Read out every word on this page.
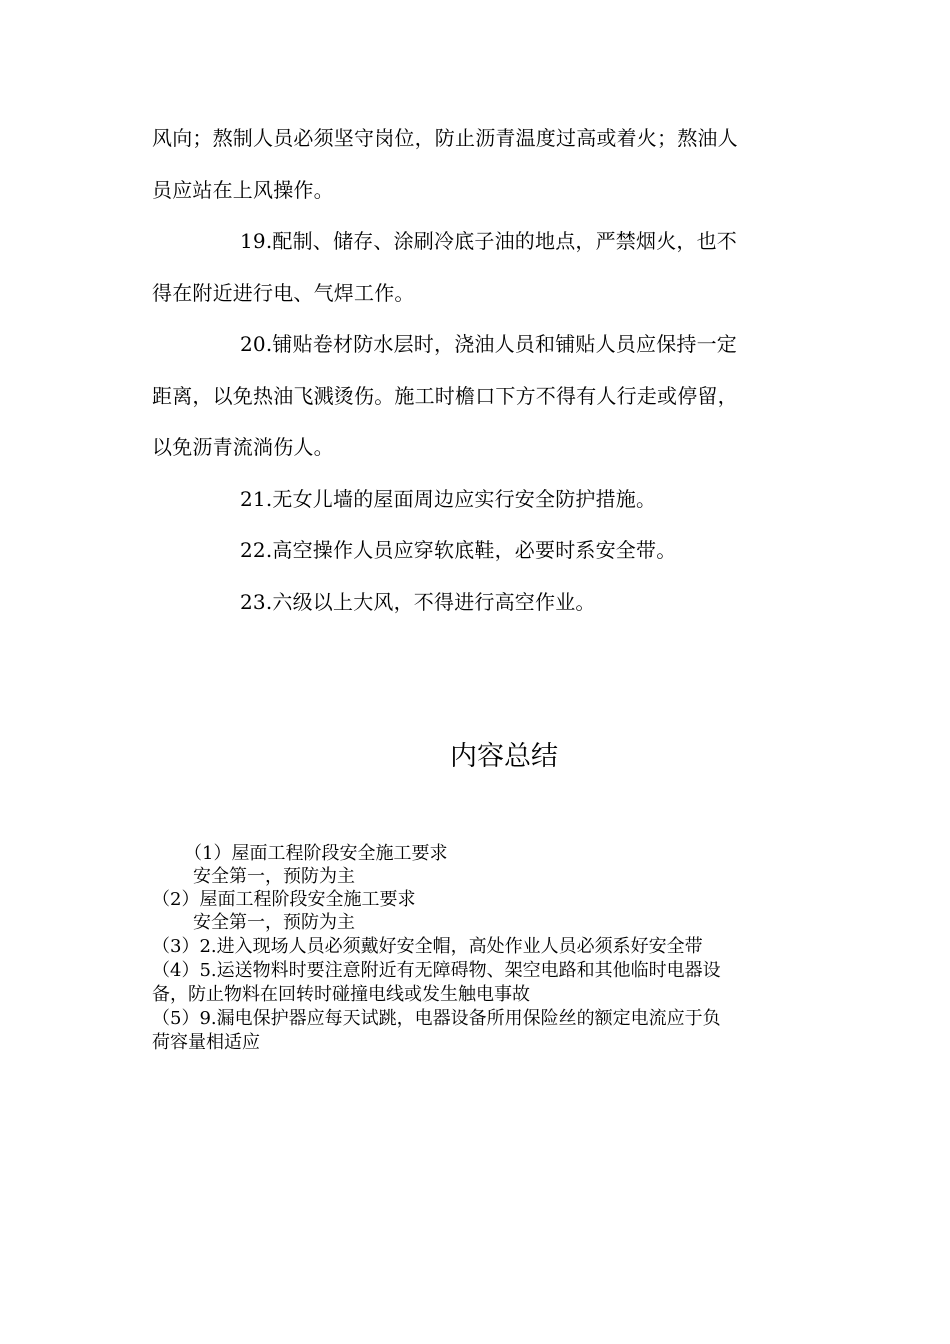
风向；熬制人员必须坚守岗位，防止沥青温度过高或着火；熬油人
员应站在上风操作。
19.配制、储存、涂刷冷底子油的地点，严禁烟火，也不
得在附近进行电、气焊工作。
20.铺贴卷材防水层时，浇油人员和铺贴人员应保持一定
距离，以免热油飞溅烫伤。施工时檐口下方不得有人行走或停留，
以免沥青流淌伤人。
21.无女儿墙的屋面周边应实行安全防护措施。
22.高空操作人员应穿软底鞋，必要时系安全带。
23.六级以上大风，不得进行高空作业。
内容总结
（1）屋面工程阶段安全施工要求
安全第一，预防为主
（2）屋面工程阶段安全施工要求
安全第一，预防为主
（3）2.进入现场人员必须戴好安全帽，高处作业人员必须系好安全带
（4）5.运送物料时要注意附近有无障碍物、架空电路和其他临时电器设
备，防止物料在回转时碰撞电线或发生触电事故
（5）9.漏电保护器应每天试跳，电器设备所用保险丝的额定电流应于负
荷容量相适应
